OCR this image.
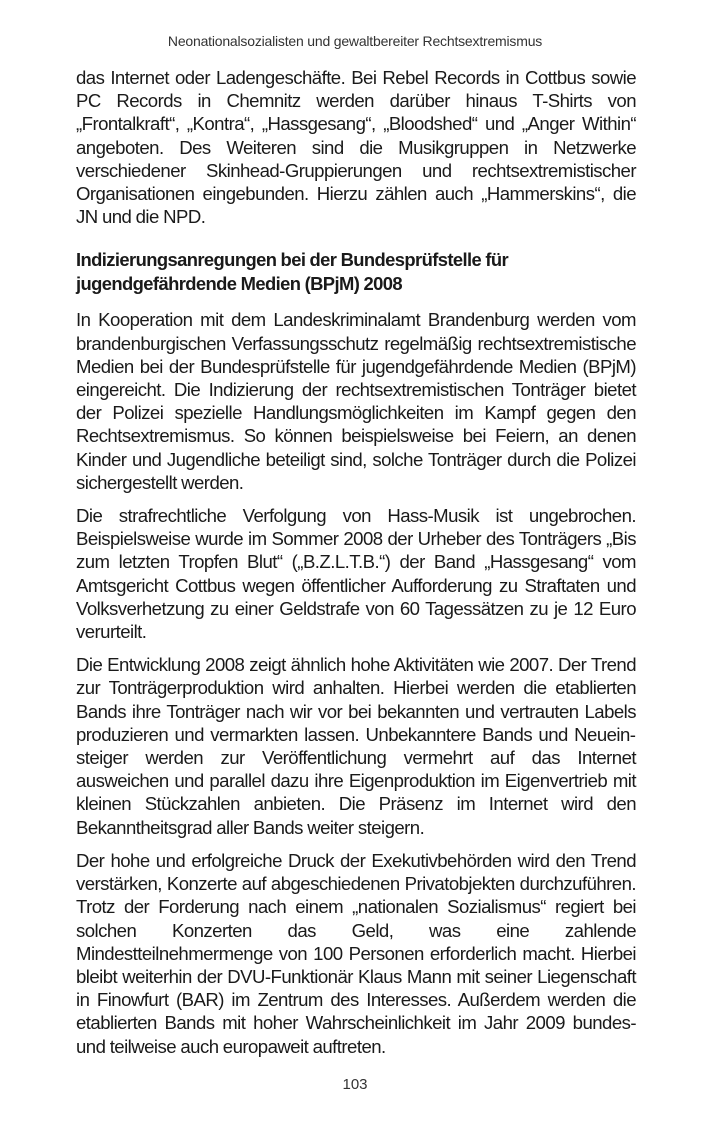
Neonationalsozialisten und gewaltbereiter Rechtsextremismus

das Internet oder Ladengeschäfte. Bei Rebel Records in Cottbus sowie PC Records in Chemnitz werden darüber hinaus T-Shirts von „Frontalkraft“, „Kontra“, „Hassgesang“, „Bloodshed“ und „Anger Within“ angeboten. Des Weiteren sind die Musikgruppen in Netzwerke verschiedener Skinhead-Gruppierungen und rechtsextremistischer Organisationen eingebunden. Hierzu zählen auch „Hammerskins“, die JN und die NPD.

Indizierungsanregungen bei der Bundesprüfstelle für jugendgefährdende Medien (BPjM) 2008

In Kooperation mit dem Landeskriminalamt Brandenburg werden vom brandenburgischen Verfassungsschutz regelmäßig rechtsextremistische Medien bei der Bundesprüfstelle für jugendgefährdende Medien (BPjM) eingereicht. Die Indizierung der rechtsextremistischen Tonträger bietet der Polizei spezielle Handlungsmöglichkeiten im Kampf gegen den Rechtsextremismus. So können beispielsweise bei Feiern, an denen Kinder und Jugendliche beteiligt sind, solche Tonträger durch die Polizei sichergestellt werden.

Die strafrechtliche Verfolgung von Hass-Musik ist ungebrochen. Beispielsweise wurde im Sommer 2008 der Urheber des Tonträgers „Bis zum letzten Tropfen Blut“ („B.Z.L.T.B.“) der Band „Hassgesang“ vom Amtsgericht Cottbus wegen öffentlicher Aufforderung zu Straftaten und Volksverhetzung zu einer Geldstrafe von 60 Tagessätzen zu je 12 Euro verurteilt.

Die Entwicklung 2008 zeigt ähnlich hohe Aktivitäten wie 2007. Der Trend zur Tonträgerproduktion wird anhalten. Hierbei werden die etablierten Bands ihre Tonträger nach wir vor bei bekannten und vertrauten Labels produzieren und vermarkten lassen. Unbekanntere Bands und Neueinsteiger werden zur Veröffentlichung vermehrt auf das Internet ausweichen und parallel dazu ihre Eigenproduktion im Eigenvertrieb mit kleinen Stückzahlen anbieten. Die Präsenz im Internet wird den Bekanntheitsgrad aller Bands weiter steigern.

Der hohe und erfolgreiche Druck der Exekutivbehörden wird den Trend verstärken, Konzerte auf abgeschiedenen Privatobjekten durchzuführen. Trotz der Forderung nach einem „nationalen Sozialismus“ regiert bei solchen Konzerten das Geld, was eine zahlende Mindestteilnehmermenge von 100 Personen erforderlich macht. Hierbei bleibt weiterhin der DVU-Funktionär Klaus Mann mit seiner Liegenschaft in Finowfurt (BAR) im Zentrum des Interesses. Außerdem werden die etablierten Bands mit hoher Wahrscheinlichkeit im Jahr 2009 bundes- und teilweise auch europaweit auftreten.

103
